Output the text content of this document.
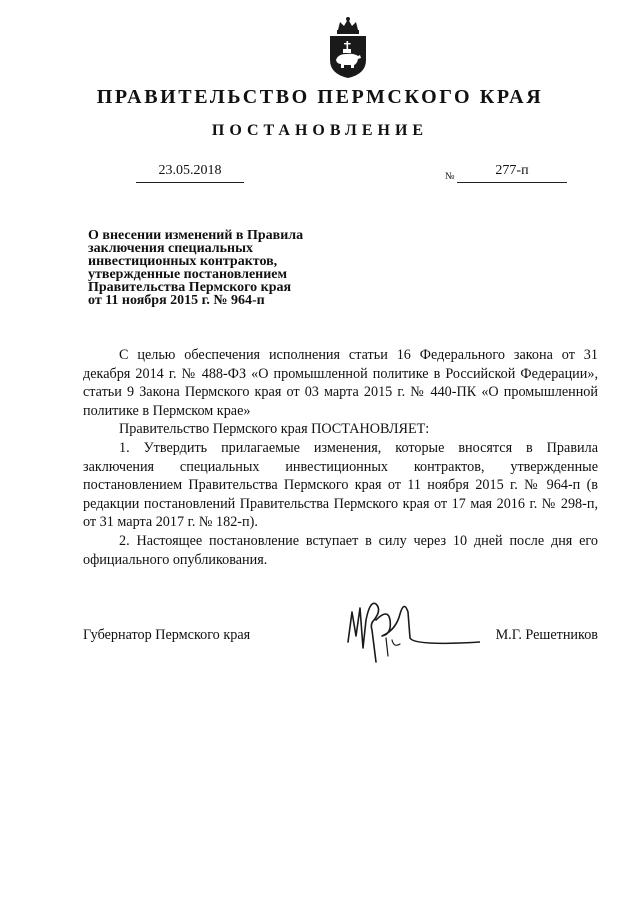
ПРАВИТЕЛЬСТВО ПЕРМСКОГО КРАЯ
ПОСТАНОВЛЕНИЕ
23.05.2018	№	277-п
О внесении изменений в Правила
заключения специальных
инвестиционных контрактов,
утвержденные постановлением
Правительства Пермского края
от 11 ноября 2015 г. № 964-п

С целью обеспечения исполнения статьи 16 Федерального закона от 31 декабря 2014 г. № 488-ФЗ «О промышленной политике в Российской Федерации», статьи 9 Закона Пермского края от 03 марта 2015 г. № 440-ПК «О промышленной политике в Пермском крае»

Правительство Пермского края ПОСТАНОВЛЯЕТ:

1. Утвердить прилагаемые изменения, которые вносятся в Правила заключения специальных инвестиционных контрактов, утвержденные постановлением Правительства Пермского края от 11 ноября 2015 г. № 964-п (в редакции постановлений Правительства Пермского края от 17 мая 2016 г. № 298-п, от 31 марта 2017 г. № 182-п).

2. Настоящее постановление вступает в силу через 10 дней после дня его официального опубликования.

Губернатор Пермского края	М.Г. Решетников
